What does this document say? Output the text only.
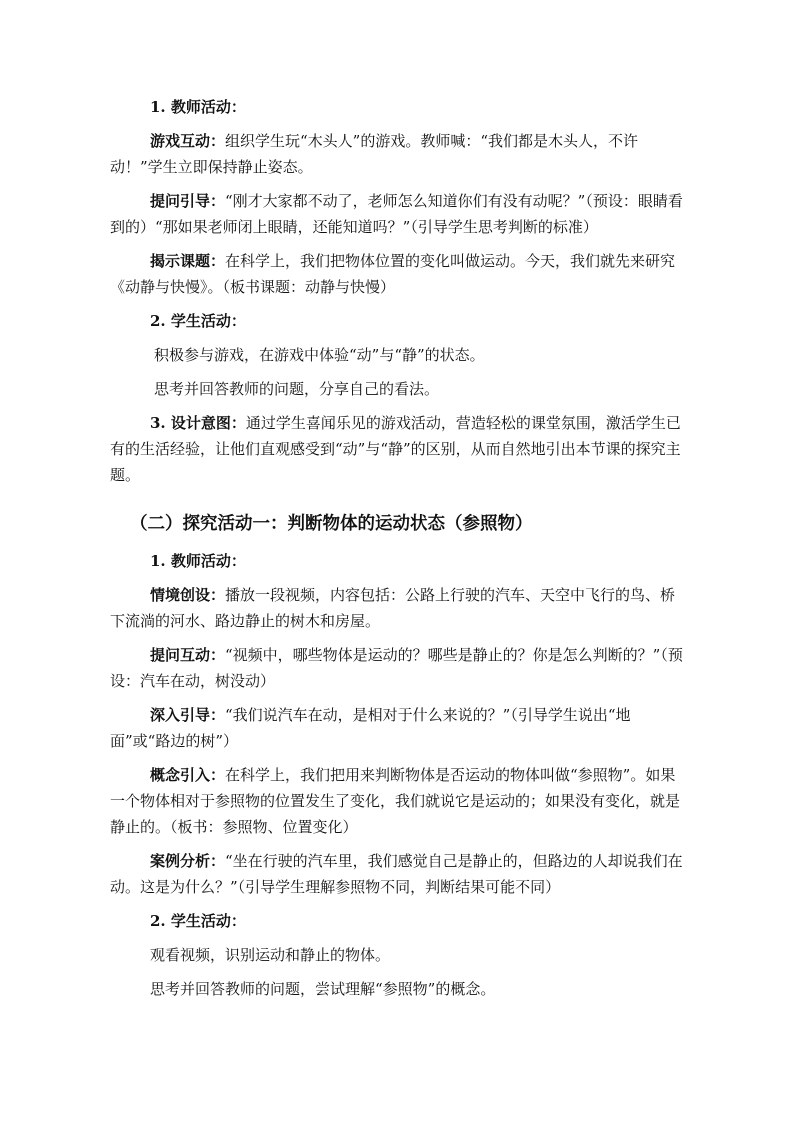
1. 教师活动：

游戏互动：组织学生玩“木头人”的游戏。教师喊：“我们都是木头人，不许动！”学生立即保持静止姿态。

提问引导：“刚才大家都不动了，老师怎么知道你们有没有动呢？”（预设：眼睛看到的）“那如果老师闭上眼睛，还能知道吗？”（引导学生思考判断的标准）

揭示课题：在科学上，我们把物体位置的变化叫做运动。今天，我们就先来研究《动静与快慢》。（板书课题：动静与快慢）

2. 学生活动：

积极参与游戏，在游戏中体验“动”与“静”的状态。

思考并回答教师的问题，分享自己的看法。

3. 设计意图：通过学生喜闻乐见的游戏活动，营造轻松的课堂氛围，激活学生已有的生活经验，让他们直观感受到“动”与“静”的区别，从而自然地引出本节课的探究主题。

（二）探究活动一：判断物体的运动状态（参照物）

1. 教师活动：

情境创设：播放一段视频，内容包括：公路上行驶的汽车、天空中飞行的鸟、桥下流淌的河水、路边静止的树木和房屋。

提问互动：“视频中，哪些物体是运动的？哪些是静止的？你是怎么判断的？”（预设：汽车在动，树没动）

深入引导：“我们说汽车在动，是相对于什么来说的？”（引导学生说出“地面”或“路边的树”）

概念引入：在科学上，我们把用来判断物体是否运动的物体叫做“参照物”。如果一个物体相对于参照物的位置发生了变化，我们就说它是运动的；如果没有变化，就是静止的。（板书：参照物、位置变化）

案例分析：“坐在行驶的汽车里，我们感觉自己是静止的，但路边的人却说我们在动。这是为什么？”（引导学生理解参照物不同，判断结果可能不同）

2. 学生活动：

观看视频，识别运动和静止的物体。

思考并回答教师的问题，尝试理解“参照物”的概念。
